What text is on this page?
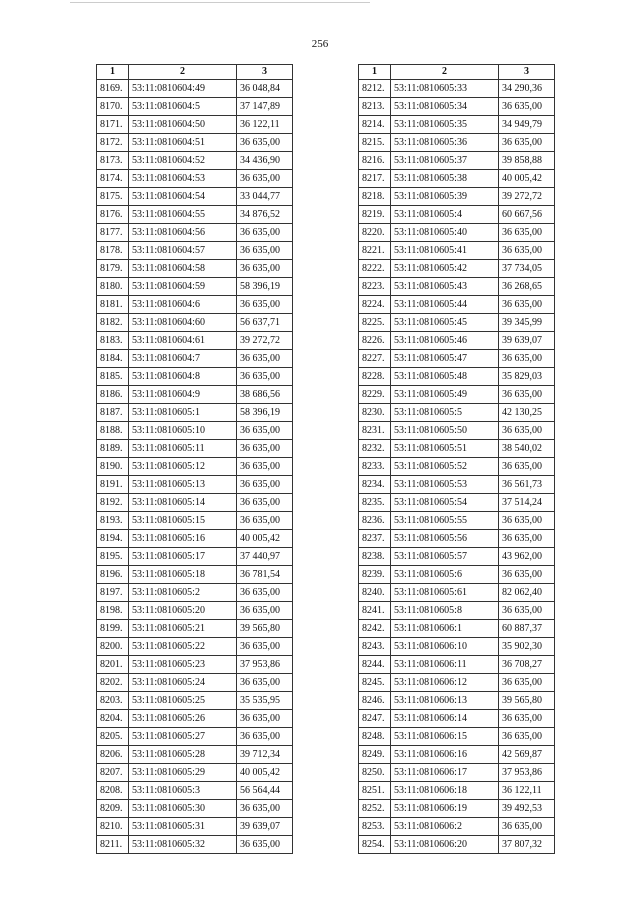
256
1	2	3
8169.	53:11:0810604:49	36 048,84
8170.	53:11:0810604:5	37 147,89
8171.	53:11:0810604:50	36 122,11
8172.	53:11:0810604:51	36 635,00
8173.	53:11:0810604:52	34 436,90
8174.	53:11:0810604:53	36 635,00
8175.	53:11:0810604:54	33 044,77
8176.	53:11:0810604:55	34 876,52
8177.	53:11:0810604:56	36 635,00
8178.	53:11:0810604:57	36 635,00
8179.	53:11:0810604:58	36 635,00
8180.	53:11:0810604:59	58 396,19
8181.	53:11:0810604:6	36 635,00
8182.	53:11:0810604:60	56 637,71
8183.	53:11:0810604:61	39 272,72
8184.	53:11:0810604:7	36 635,00
8185.	53:11:0810604:8	36 635,00
8186.	53:11:0810604:9	38 686,56
8187.	53:11:0810605:1	58 396,19
8188.	53:11:0810605:10	36 635,00
8189.	53:11:0810605:11	36 635,00
8190.	53:11:0810605:12	36 635,00
8191.	53:11:0810605:13	36 635,00
8192.	53:11:0810605:14	36 635,00
8193.	53:11:0810605:15	36 635,00
8194.	53:11:0810605:16	40 005,42
8195.	53:11:0810605:17	37 440,97
8196.	53:11:0810605:18	36 781,54
8197.	53:11:0810605:2	36 635,00
8198.	53:11:0810605:20	36 635,00
8199.	53:11:0810605:21	39 565,80
8200.	53:11:0810605:22	36 635,00
8201.	53:11:0810605:23	37 953,86
8202.	53:11:0810605:24	36 635,00
8203.	53:11:0810605:25	35 535,95
8204.	53:11:0810605:26	36 635,00
8205.	53:11:0810605:27	36 635,00
8206.	53:11:0810605:28	39 712,34
8207.	53:11:0810605:29	40 005,42
8208.	53:11:0810605:3	56 564,44
8209.	53:11:0810605:30	36 635,00
8210.	53:11:0810605:31	39 639,07
8211.	53:11:0810605:32	36 635,00
1	2	3
8212.	53:11:0810605:33	34 290,36
8213.	53:11:0810605:34	36 635,00
8214.	53:11:0810605:35	34 949,79
8215.	53:11:0810605:36	36 635,00
8216.	53:11:0810605:37	39 858,88
8217.	53:11:0810605:38	40 005,42
8218.	53:11:0810605:39	39 272,72
8219.	53:11:0810605:4	60 667,56
8220.	53:11:0810605:40	36 635,00
8221.	53:11:0810605:41	36 635,00
8222.	53:11:0810605:42	37 734,05
8223.	53:11:0810605:43	36 268,65
8224.	53:11:0810605:44	36 635,00
8225.	53:11:0810605:45	39 345,99
8226.	53:11:0810605:46	39 639,07
8227.	53:11:0810605:47	36 635,00
8228.	53:11:0810605:48	35 829,03
8229.	53:11:0810605:49	36 635,00
8230.	53:11:0810605:5	42 130,25
8231.	53:11:0810605:50	36 635,00
8232.	53:11:0810605:51	38 540,02
8233.	53:11:0810605:52	36 635,00
8234.	53:11:0810605:53	36 561,73
8235.	53:11:0810605:54	37 514,24
8236.	53:11:0810605:55	36 635,00
8237.	53:11:0810605:56	36 635,00
8238.	53:11:0810605:57	43 962,00
8239.	53:11:0810605:6	36 635,00
8240.	53:11:0810605:61	82 062,40
8241.	53:11:0810605:8	36 635,00
8242.	53:11:0810606:1	60 887,37
8243.	53:11:0810606:10	35 902,30
8244.	53:11:0810606:11	36 708,27
8245.	53:11:0810606:12	36 635,00
8246.	53:11:0810606:13	39 565,80
8247.	53:11:0810606:14	36 635,00
8248.	53:11:0810606:15	36 635,00
8249.	53:11:0810606:16	42 569,87
8250.	53:11:0810606:17	37 953,86
8251.	53:11:0810606:18	36 122,11
8252.	53:11:0810606:19	39 492,53
8253.	53:11:0810606:2	36 635,00
8254.	53:11:0810606:20	37 807,32
